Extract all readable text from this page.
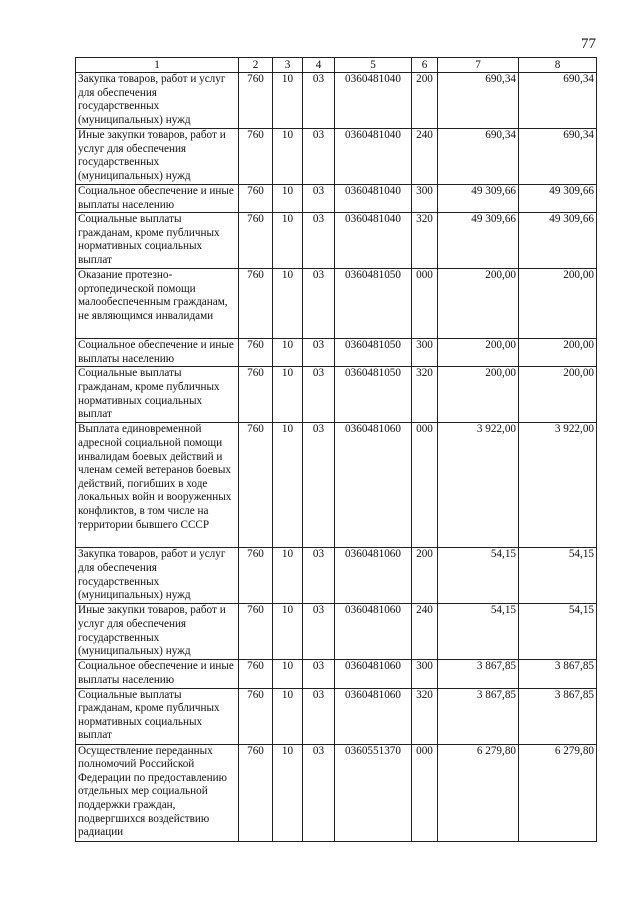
77
1	2	3	4	5	6	7	8
Закупка товаров, работ и услуг для обеспечения государственных (муниципальных) нужд	760	10	03	0360481040	200	690,34	690,34
Иные закупки товаров, работ и услуг для обеспечения государственных (муниципальных) нужд	760	10	03	0360481040	240	690,34	690,34
Социальное обеспечение и иные выплаты населению	760	10	03	0360481040	300	49 309,66	49 309,66
Социальные выплаты гражданам, кроме публичных нормативных социальных выплат	760	10	03	0360481040	320	49 309,66	49 309,66
Оказание протезно-ортопедической помощи малообеспеченным гражданам, не являющимся инвалидами	760	10	03	0360481050	000	200,00	200,00
Социальное обеспечение и иные выплаты населению	760	10	03	0360481050	300	200,00	200,00
Социальные выплаты гражданам, кроме публичных нормативных социальных выплат	760	10	03	0360481050	320	200,00	200,00
Выплата единовременной адресной социальной помощи инвалидам боевых действий и членам семей ветеранов боевых действий, погибших в ходе локальных войн и вооруженных конфликтов, в том числе на территории бывшего СССР	760	10	03	0360481060	000	3 922,00	3 922,00
Закупка товаров, работ и услуг для обеспечения государственных (муниципальных) нужд	760	10	03	0360481060	200	54,15	54,15
Иные закупки товаров, работ и услуг для обеспечения государственных (муниципальных) нужд	760	10	03	0360481060	240	54,15	54,15
Социальное обеспечение и иные выплаты населению	760	10	03	0360481060	300	3 867,85	3 867,85
Социальные выплаты гражданам, кроме публичных нормативных социальных выплат	760	10	03	0360481060	320	3 867,85	3 867,85
Осуществление переданных полномочий Российской Федерации по предоставлению отдельных мер социальной поддержки граждан, подвергшихся воздействию радиации	760	10	03	0360551370	000	6 279,80	6 279,80
